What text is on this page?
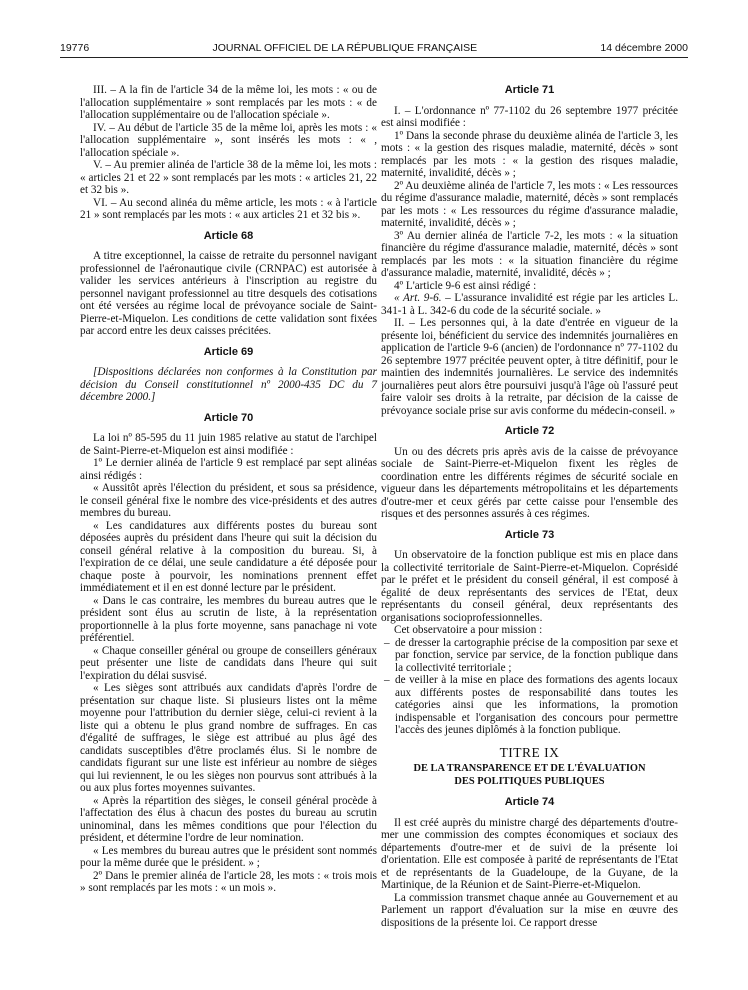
19776	JOURNAL OFFICIEL DE LA RÉPUBLIQUE FRANÇAISE	14 décembre 2000

III. – A la fin de l'article 34 de la même loi, les mots : « ou de l'allocation supplémentaire » sont remplacés par les mots : « de l'allocation supplémentaire ou de l'allocation spéciale ».

IV. – Au début de l'article 35 de la même loi, après les mots : « l'allocation supplémentaire », sont insérés les mots : « , l'allocation spéciale ».

V. – Au premier alinéa de l'article 38 de la même loi, les mots : « articles 21 et 22 » sont remplacés par les mots : « articles 21, 22 et 32 bis ».

VI. – Au second alinéa du même article, les mots : « à l'article 21 » sont remplacés par les mots : « aux articles 21 et 32 bis ».

Article 68

A titre exceptionnel, la caisse de retraite du personnel navigant professionnel de l'aéronautique civile (CRNPAC) est autorisée à valider les services antérieurs à l'inscription au registre du personnel navigant professionnel au titre desquels des cotisations ont été versées au régime local de prévoyance sociale de Saint-Pierre-et-Miquelon. Les conditions de cette validation sont fixées par accord entre les deux caisses précitées.

Article 69

[Dispositions déclarées non conformes à la Constitution par décision du Conseil constitutionnel nº 2000-435 DC du 7 décembre 2000.]

Article 70

La loi nº 85-595 du 11 juin 1985 relative au statut de l'archipel de Saint-Pierre-et-Miquelon est ainsi modifiée :

1º Le dernier alinéa de l'article 9 est remplacé par sept alinéas ainsi rédigés :

« Aussitôt après l'élection du président, et sous sa présidence, le conseil général fixe le nombre des vice-présidents et des autres membres du bureau.

« Les candidatures aux différents postes du bureau sont déposées auprès du président dans l'heure qui suit la décision du conseil général relative à la composition du bureau. Si, à l'expiration de ce délai, une seule candidature a été déposée pour chaque poste à pourvoir, les nominations prennent effet immédiatement et il en est donné lecture par le président.

« Dans le cas contraire, les membres du bureau autres que le président sont élus au scrutin de liste, à la représentation proportionnelle à la plus forte moyenne, sans panachage ni vote préférentiel.

« Chaque conseiller général ou groupe de conseillers généraux peut présenter une liste de candidats dans l'heure qui suit l'expiration du délai susvisé.

« Les sièges sont attribués aux candidats d'après l'ordre de présentation sur chaque liste. Si plusieurs listes ont la même moyenne pour l'attribution du dernier siège, celui-ci revient à la liste qui a obtenu le plus grand nombre de suffrages. En cas d'égalité de suffrages, le siège est attribué au plus âgé des candidats susceptibles d'être proclamés élus. Si le nombre de candidats figurant sur une liste est inférieur au nombre de sièges qui lui reviennent, le ou les sièges non pourvus sont attribués à la ou aux plus fortes moyennes suivantes.

« Après la répartition des sièges, le conseil général procède à l'affectation des élus à chacun des postes du bureau au scrutin uninominal, dans les mêmes conditions que pour l'élection du président, et détermine l'ordre de leur nomination.

« Les membres du bureau autres que le président sont nommés pour la même durée que le président. » ;

2º Dans le premier alinéa de l'article 28, les mots : « trois mois » sont remplacés par les mots : « un mois ».

Article 71

I. – L'ordonnance nº 77-1102 du 26 septembre 1977 précitée est ainsi modifiée :

1º Dans la seconde phrase du deuxième alinéa de l'article 3, les mots : « la gestion des risques maladie, maternité, décès » sont remplacés par les mots : « la gestion des risques maladie, maternité, invalidité, décès » ;

2º Au deuxième alinéa de l'article 7, les mots : « Les ressources du régime d'assurance maladie, maternité, décès » sont remplacés par les mots : « Les ressources du régime d'assurance maladie, maternité, invalidité, décès » ;

3º Au dernier alinéa de l'article 7-2, les mots : « la situation financière du régime d'assurance maladie, maternité, décès » sont remplacés par les mots : « la situation financière du régime d'assurance maladie, maternité, invalidité, décès » ;

4º L'article 9-6 est ainsi rédigé :

« Art. 9-6. – L'assurance invalidité est régie par les articles L. 341-1 à L. 342-6 du code de la sécurité sociale. »

II. – Les personnes qui, à la date d'entrée en vigueur de la présente loi, bénéficient du service des indemnités journalières en application de l'article 9-6 (ancien) de l'ordonnance nº 77-1102 du 26 septembre 1977 précitée peuvent opter, à titre définitif, pour le maintien des indemnités journalières. Le service des indemnités journalières peut alors être poursuivi jusqu'à l'âge où l'assuré peut faire valoir ses droits à la retraite, par décision de la caisse de prévoyance sociale prise sur avis conforme du médecin-conseil. »

Article 72

Un ou des décrets pris après avis de la caisse de prévoyance sociale de Saint-Pierre-et-Miquelon fixent les règles de coordination entre les différents régimes de sécurité sociale en vigueur dans les départements métropolitains et les départements d'outre-mer et ceux gérés par cette caisse pour l'ensemble des risques et des personnes assurés à ces régimes.

Article 73

Un observatoire de la fonction publique est mis en place dans la collectivité territoriale de Saint-Pierre-et-Miquelon. Coprésidé par le préfet et le président du conseil général, il est composé à égalité de deux représentants des services de l'Etat, deux représentants du conseil général, deux représentants des organisations socioprofessionnelles.

Cet observatoire a pour mission :

– de dresser la cartographie précise de la composition par sexe et par fonction, service par service, de la fonction publique dans la collectivité territoriale ;
– de veiller à la mise en place des formations des agents locaux aux différents postes de responsabilité dans toutes les catégories ainsi que les informations, la promotion indispensable et l'organisation des concours pour permettre l'accès des jeunes diplômés à la fonction publique.
TITRE IX
DE LA TRANSPARENCE ET DE L'ÉVALUATION
DES POLITIQUES PUBLIQUES
Article 74

Il est créé auprès du ministre chargé des départements d'outre-mer une commission des comptes économiques et sociaux des départements d'outre-mer et de suivi de la présente loi d'orientation. Elle est composée à parité de représentants de l'Etat et de représentants de la Guadeloupe, de la Guyane, de la Martinique, de la Réunion et de Saint-Pierre-et-Miquelon.

La commission transmet chaque année au Gouvernement et au Parlement un rapport d'évaluation sur la mise en œuvre des dispositions de la présente loi. Ce rapport dresse
